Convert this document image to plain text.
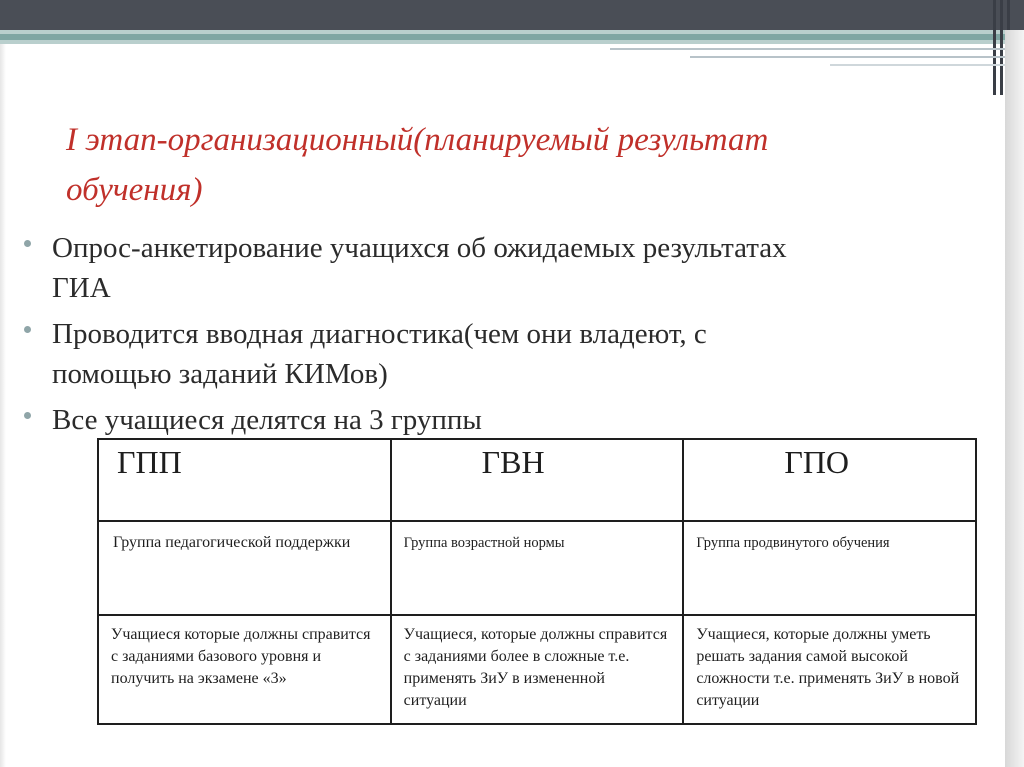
I этап-организационный(планируемый результат обучения)
Опрос-анкетирование учащихся об ожидаемых результатах ГИА
Проводится вводная диагностика(чем они владеют, с помощью заданий КИМов)
Все учащиеся делятся на 3 группы
ГПП	ГВН	ГПО
Группа педагогической поддержки	Группа возрастной нормы	Группа продвинутого обучения
Учащиеся которые должны справится с заданиями базового уровня и получить на экзамене «3»	Учащиеся, которые должны справится с заданиями более в сложные т.е. применять ЗиУ в измененной ситуации	Учащиеся, которые должны уметь решать задания самой высокой сложности т.е. применять ЗиУ в новой ситуации
